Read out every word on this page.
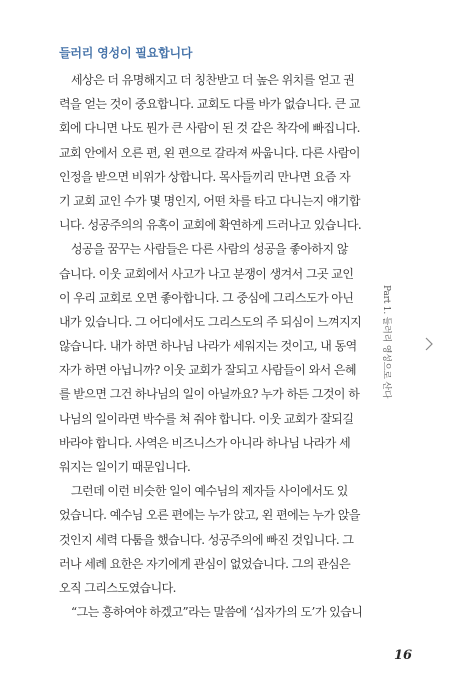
들러리 영성이 필요합니다
세상은 더 유명해지고 더 칭찬받고 더 높은 위치를 얻고 권
력을 얻는 것이 중요합니다. 교회도 다를 바가 없습니다. 큰 교
회에 다니면 나도 뭔가 큰 사람이 된 것 같은 착각에 빠집니다.
교회 안에서 오른 편, 왼 편으로 갈라져 싸웁니다. 다른 사람이
인정을 받으면 비위가 상합니다. 목사들끼리 만나면 요즘 자
기 교회 교인 수가 몇 명인지, 어떤 차를 타고 다니는지 얘기합
니다. 성공주의의 유혹이 교회에 확연하게 드러나고 있습니다.
성공을 꿈꾸는 사람들은 다른 사람의 성공을 좋아하지 않
습니다. 이웃 교회에서 사고가 나고 분쟁이 생겨서 그곳 교인
이 우리 교회로 오면 좋아합니다. 그 중심에 그리스도가 아닌
내가 있습니다. 그 어디에서도 그리스도의 주 되심이 느껴지지
않습니다. 내가 하면 하나님 나라가 세워지는 것이고, 내 동역
자가 하면 아닙니까? 이웃 교회가 잘되고 사람들이 와서 은혜
를 받으면 그건 하나님의 일이 아닐까요? 누가 하든 그것이 하
나님의 일이라면 박수를 쳐 줘야 합니다. 이웃 교회가 잘되길
바라야 합니다. 사역은 비즈니스가 아니라 하나님 나라가 세
워지는 일이기 때문입니다.
그런데 이런 비슷한 일이 예수님의 제자들 사이에서도 있
었습니다. 예수님 오른 편에는 누가 앉고, 왼 편에는 누가 앉을
것인지 세력 다툼을 했습니다. 성공주의에 빠진 것입니다. 그
러나 세례 요한은 자기에게 관심이 없었습니다. 그의 관심은
오직 그리스도였습니다.
“그는 흥하여야 하겠고”라는 말씀에 ‘십자가의 도’가 있습니
Part 1. 들러리 영성으로 산다
16
